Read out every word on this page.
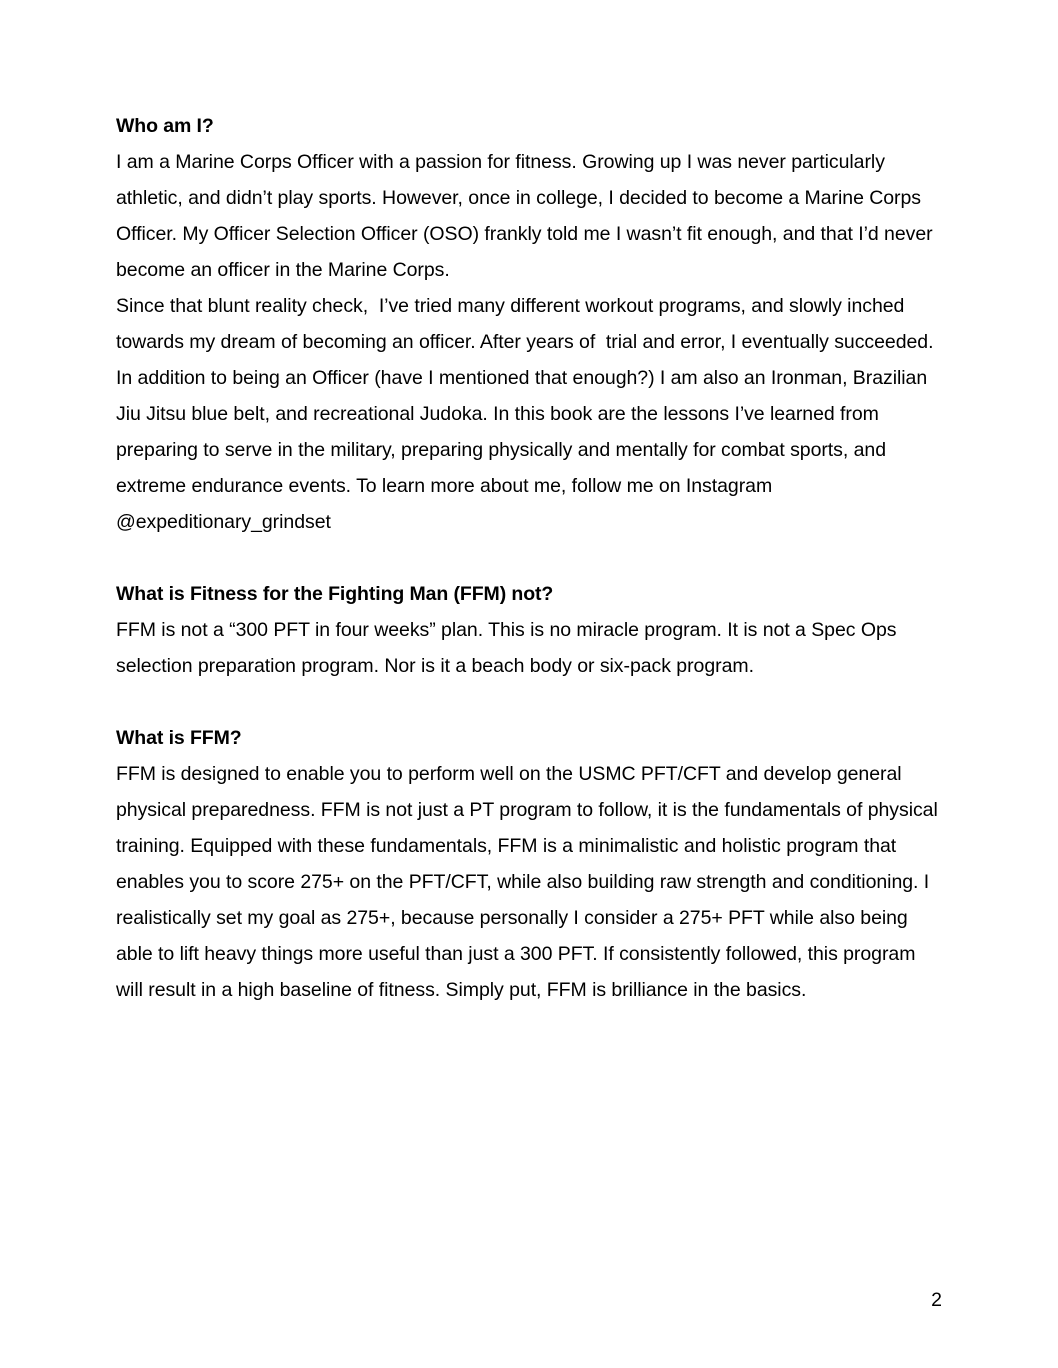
Who am I?

I am a Marine Corps Officer with a passion for fitness. Growing up I was never particularly athletic, and didn’t play sports. However, once in college, I decided to become a Marine Corps Officer. My Officer Selection Officer (OSO) frankly told me I wasn’t fit enough, and that I’d never become an officer in the Marine Corps.

Since that blunt reality check,  I’ve tried many different workout programs, and slowly inched towards my dream of becoming an officer. After years of  trial and error, I eventually succeeded.

In addition to being an Officer (have I mentioned that enough?) I am also an Ironman, Brazilian Jiu Jitsu blue belt, and recreational Judoka. In this book are the lessons I’ve learned from preparing to serve in the military, preparing physically and mentally for combat sports, and extreme endurance events. To learn more about me, follow me on Instagram @expeditionary_grindset

What is Fitness for the Fighting Man (FFM) not?

FFM is not a “300 PFT in four weeks” plan. This is no miracle program. It is not a Spec Ops selection preparation program. Nor is it a beach body or six-pack program.

What is FFM?

FFM is designed to enable you to perform well on the USMC PFT/CFT and develop general physical preparedness. FFM is not just a PT program to follow, it is the fundamentals of physical training. Equipped with these fundamentals, FFM is a minimalistic and holistic program that enables you to score 275+ on the PFT/CFT, while also building raw strength and conditioning. I realistically set my goal as 275+, because personally I consider a 275+ PFT while also being able to lift heavy things more useful than just a 300 PFT. If consistently followed, this program will result in a high baseline of fitness. Simply put, FFM is brilliance in the basics.

2
